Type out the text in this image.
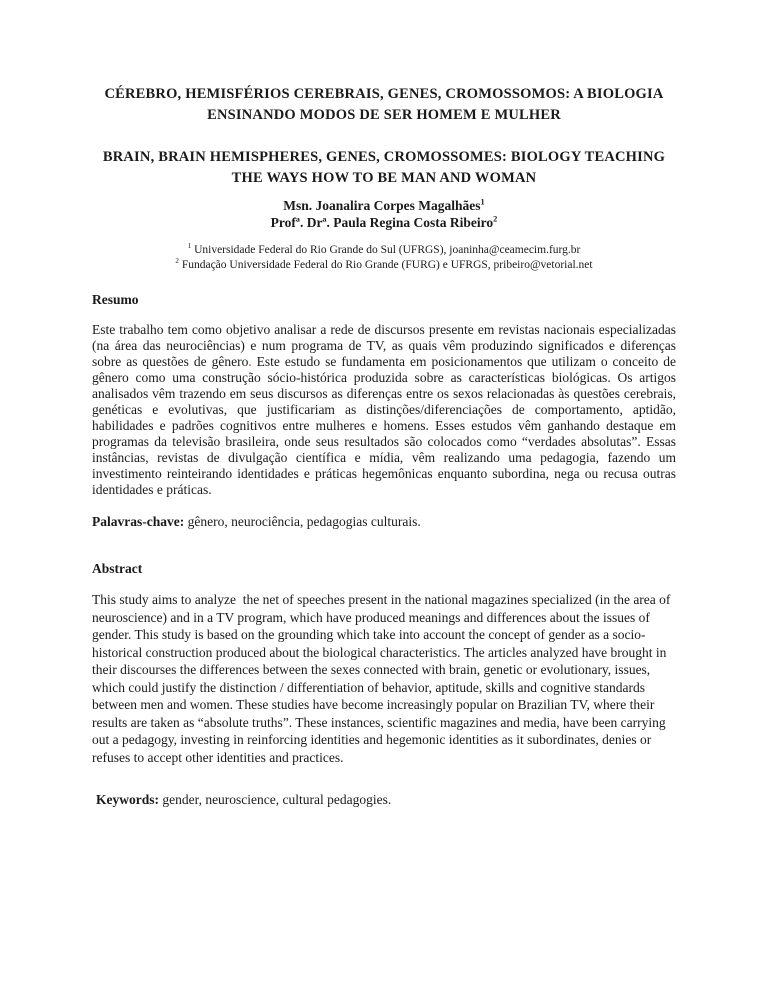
CÉREBRO, HEMISFÉRIOS CEREBRAIS, GENES, CROMOSSOMOS: A BIOLOGIA ENSINANDO MODOS DE SER HOMEM E MULHER
BRAIN, BRAIN HEMISPHERES, GENES, CROMOSSOMES: BIOLOGY TEACHING THE WAYS HOW TO BE MAN AND WOMAN
Msn. Joanalira Corpes Magalhães$^1$
Profª. Drª. Paula Regina Costa Ribeiro$^2$
$^1$ Universidade Federal do Rio Grande do Sul (UFRGS), joaninha@ceamecim.furg.br
$^2$ Fundação Universidade Federal do Rio Grande (FURG) e UFRGS, pribeiro@vetorial.net
Resumo

Este trabalho tem como objetivo analisar a rede de discursos presente em revistas nacionais especializadas (na área das neurociências) e num programa de TV, as quais vêm produzindo significados e diferenças sobre as questões de gênero. Este estudo se fundamenta em posicionamentos que utilizam o conceito de gênero como uma construção sócio-histórica produzida sobre as características biológicas. Os artigos analisados vêm trazendo em seus discursos as diferenças entre os sexos relacionadas às questões cerebrais, genéticas e evolutivas, que justificariam as distinções/diferenciações de comportamento, aptidão, habilidades e padrões cognitivos entre mulheres e homens. Esses estudos vêm ganhando destaque em programas da televisão brasileira, onde seus resultados são colocados como “verdades absolutas”. Essas instâncias, revistas de divulgação científica e mídia, vêm realizando uma pedagogia, fazendo um investimento reinteirando identidades e práticas hegemônicas enquanto subordina, nega ou recusa outras identidades e práticas.

Palavras-chave: gênero, neurociência, pedagogias culturais.

Abstract

This study aims to analyze  the net of speeches present in the national magazines specialized (in the area of neuroscience) and in a TV program, which have produced meanings and differences about the issues of gender. This study is based on the grounding which take into account the concept of gender as a socio-historical construction produced about the biological characteristics. The articles analyzed have brought in their discourses the differences between the sexes connected with brain, genetic or evolutionary, issues, which could justify the distinction / differentiation of behavior, aptitude, skills and cognitive standards between men and women. These studies have become increasingly popular on Brazilian TV, where their results are taken as “absolute truths”. These instances, scientific magazines and media, have been carrying out a pedagogy, investing in reinforcing identities and hegemonic identities as it subordinates, denies or refuses to accept other identities and practices.

Keywords: gender, neuroscience, cultural pedagogies.
